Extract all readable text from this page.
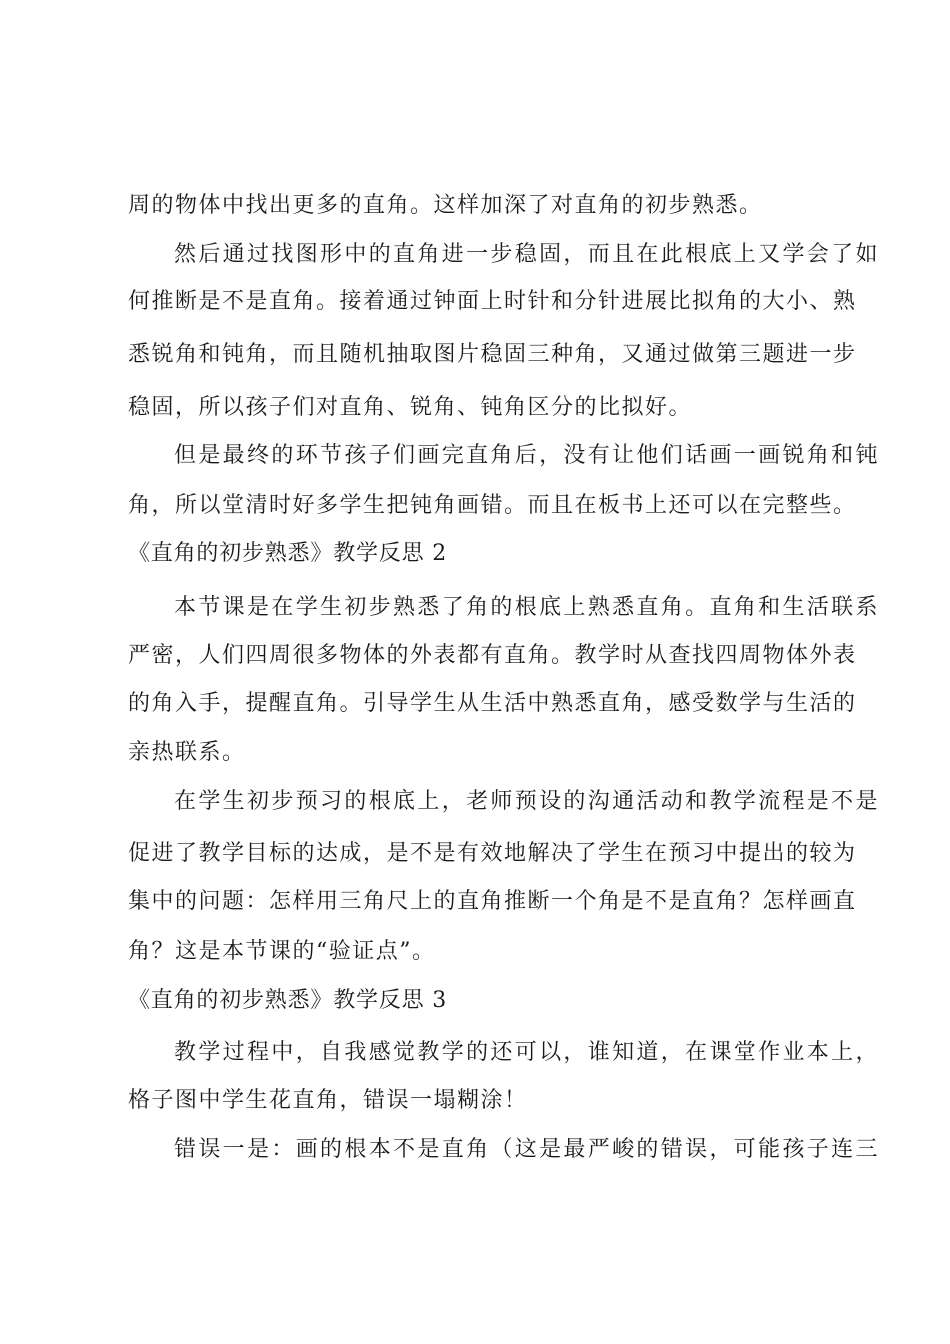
周的物体中找出更多的直角。这样加深了对直角的初步熟悉。
然后通过找图形中的直角进一步稳固，而且在此根底上又学会了如
何推断是不是直角。接着通过钟面上时针和分针进展比拟角的大小、熟
悉锐角和钝角，而且随机抽取图片稳固三种角，又通过做第三题进一步
稳固，所以孩子们对直角、锐角、钝角区分的比拟好。
但是最终的环节孩子们画完直角后，没有让他们话画一画锐角和钝
角，所以堂清时好多学生把钝角画错。而且在板书上还可以在完整些。
《直角的初步熟悉》教学反思 2
本节课是在学生初步熟悉了角的根底上熟悉直角。直角和生活联系
严密，人们四周很多物体的外表都有直角。教学时从查找四周物体外表
的角入手，提醒直角。引导学生从生活中熟悉直角，感受数学与生活的
亲热联系。
在学生初步预习的根底上，老师预设的沟通活动和教学流程是不是
促进了教学目标的达成，是不是有效地解决了学生在预习中提出的较为
集中的问题：怎样用三角尺上的直角推断一个角是不是直角？怎样画直
角？这是本节课的“验证点”。
《直角的初步熟悉》教学反思 3
教学过程中，自我感觉教学的还可以，谁知道，在课堂作业本上，
格子图中学生花直角，错误一塌糊涂！
错误一是：画的根本不是直角（这是最严峻的错误，可能孩子连三
